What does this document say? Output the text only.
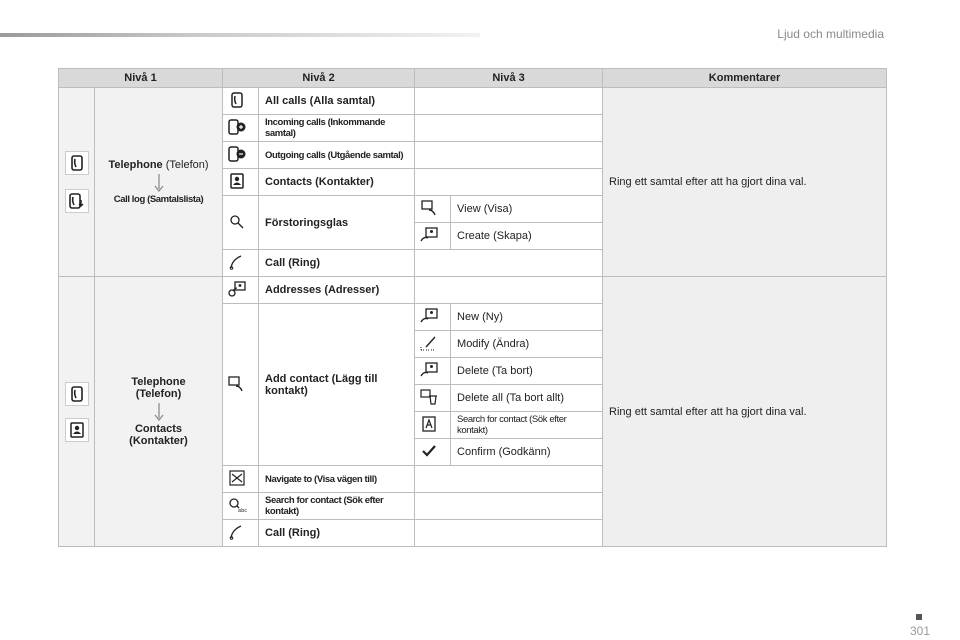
Ljud och multimedia
Nivå 1		Nivå 2		Nivå 3		Kommentarer

Telephone (Telefon)
Call log (Samtalslista)		All calls (Alla samtal)			Ring ett samtal efter att ha gjort dina val.

	Incoming calls (Inkommande samtal)			

	Outgoing calls (Utgående samtal)			

	Contacts (Kontakter)			

	Förstoringsglas		View (Visa)	

	Create (Skapa)	

	Call (Ring)			

Telephone
(Telefon)
Contacts
(Kontakter)		Addresses (Adresser)			Ring ett samtal efter att ha gjort dina val.

	Add contact (Lägg till kontakt)		New (Ny)	

	Modify (Ändra)	

	Delete (Ta bort)	

	Delete all (Ta bort allt)	

	Search for contact (Sök efter kontakt)	

	Confirm (Godkänn)	

	Navigate to (Visa vägen till)			

abc	Search for contact (Sök efter kontakt)			

	Call (Ring)			
301
